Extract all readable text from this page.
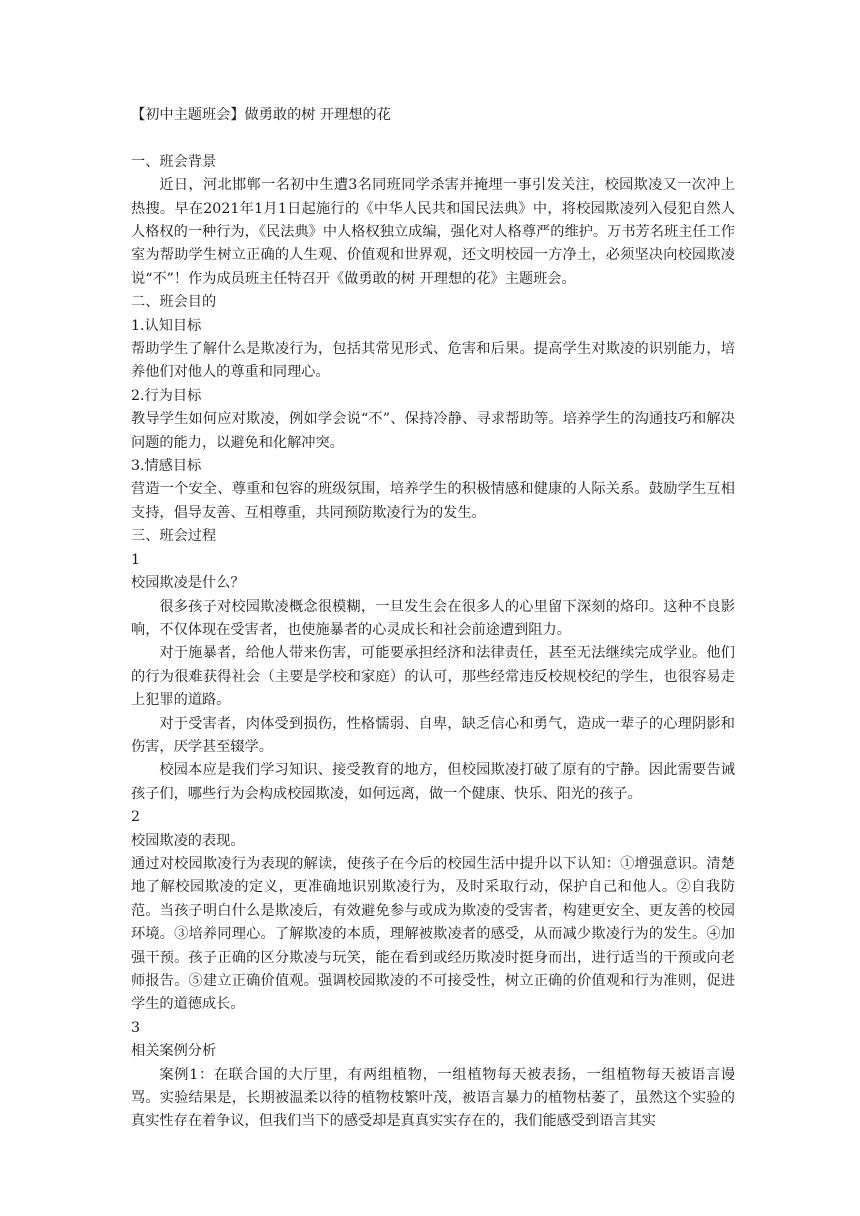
【初中主题班会】做勇敢的树 开理想的花

一、班会背景

近日，河北邯郸一名初中生遭3名同班同学杀害并掩埋一事引发关注，校园欺凌又一次冲上热搜。早在2021年1月1日起施行的《中华人民共和国民法典》中，将校园欺凌列入侵犯自然人人格权的一种行为，《民法典》中人格权独立成编，强化对人格尊严的维护。万书芳名班主任工作室为帮助学生树立正确的人生观、价值观和世界观，还文明校园一方净土，必须坚决向校园欺凌说“不”！作为成员班主任特召开《做勇敢的树 开理想的花》主题班会。

二、班会目的

1.认知目标

帮助学生了解什么是欺凌行为，包括其常见形式、危害和后果。提高学生对欺凌的识别能力，培养他们对他人的尊重和同理心。

2.行为目标

教导学生如何应对欺凌，例如学会说“不”、保持冷静、寻求帮助等。培养学生的沟通技巧和解决问题的能力，以避免和化解冲突。

3.情感目标

营造一个安全、尊重和包容的班级氛围，培养学生的积极情感和健康的人际关系。鼓励学生互相支持，倡导友善、互相尊重，共同预防欺凌行为的发生。

三、班会过程

1

校园欺凌是什么？

很多孩子对校园欺凌概念很模糊，一旦发生会在很多人的心里留下深刻的烙印。这种不良影响，不仅体现在受害者，也使施暴者的心灵成长和社会前途遭到阻力。

对于施暴者，给他人带来伤害，可能要承担经济和法律责任，甚至无法继续完成学业。他们的行为很难获得社会（主要是学校和家庭）的认可，那些经常违反校规校纪的学生，也很容易走上犯罪的道路。

对于受害者，肉体受到损伤，性格懦弱、自卑，缺乏信心和勇气，造成一辈子的心理阴影和伤害，厌学甚至辍学。

校园本应是我们学习知识、接受教育的地方，但校园欺凌打破了原有的宁静。因此需要告诫孩子们，哪些行为会构成校园欺凌，如何远离，做一个健康、快乐、阳光的孩子。

2

校园欺凌的表现。

通过对校园欺凌行为表现的解读，使孩子在今后的校园生活中提升以下认知：①增强意识。清楚地了解校园欺凌的定义，更准确地识别欺凌行为，及时采取行动，保护自己和他人。②自我防范。当孩子明白什么是欺凌后，有效避免参与或成为欺凌的受害者，构建更安全、更友善的校园环境。③培养同理心。了解欺凌的本质，理解被欺凌者的感受，从而减少欺凌行为的发生。④加强干预。孩子正确的区分欺凌与玩笑，能在看到或经历欺凌时挺身而出，进行适当的干预或向老师报告。⑤建立正确价值观。强调校园欺凌的不可接受性，树立正确的价值观和行为准则，促进学生的道德成长。

3

相关案例分析

案例1：在联合国的大厅里，有两组植物，一组植物每天被表扬，一组植物每天被语言谩骂。实验结果是，长期被温柔以待的植物枝繁叶茂，被语言暴力的植物枯萎了，虽然这个实验的真实性存在着争议，但我们当下的感受却是真真实实存在的，我们能感受到语言其实
